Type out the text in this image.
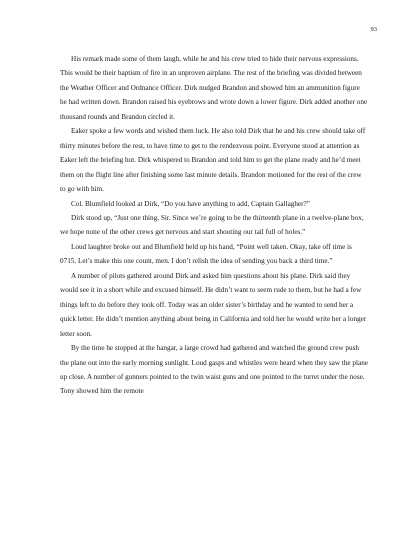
93

His remark made some of them laugh, while he and his crew tried to hide their nervous expressions. This would be their baptism of fire in an unproven airplane. The rest of the briefing was divided between the Weather Officer and Ordnance Officer. Dirk nudged Brandon and showed him an ammunition figure he had written down. Brandon raised his eyebrows and wrote down a lower figure. Dirk added another one thousand rounds and Brandon circled it.

Eaker spoke a few words and wished them luck. He also told Dirk that he and his crew should take off thirty minutes before the rest, to have time to get to the rendezvous point. Everyone stood at attention as Eaker left the briefing hut. Dirk whispered to Brandon and told him to get the plane ready and he’d meet them on the flight line after finishing some last minute details. Brandon motioned for the rest of the crew to go with him.

Col. Blumfield looked at Dirk, “Do you have anything to add, Captain Gallagher?”

Dirk stood up, “Just one thing, Sir. Since we’re going to be the thirteenth plane in a twelve-plane box, we hope none of the other crews get nervous and start shooting our tail full of holes.”

Loud laughter broke out and Blumfield held up his hand, “Point well taken. Okay, take off time is 0715. Let’s make this one count, men. I don’t relish the idea of sending you back a third time.”

A number of pilots gathered around Dirk and asked him questions about his plane. Dirk said they would see it in a short while and excused himself. He didn’t want to seem rude to them, but he had a few things left to do before they took off. Today was an older sister’s birthday and he wanted to send her a quick letter. He didn’t mention anything about being in California and told her he would write her a longer letter soon.

By the time he stopped at the hangar, a large crowd had gathered and watched the ground crew push the plane out into the early morning sunlight. Loud gasps and whistles were heard when they saw the plane up close. A number of gunners pointed to the twin waist guns and one pointed to the turret under the nose. Tony showed him the remote
